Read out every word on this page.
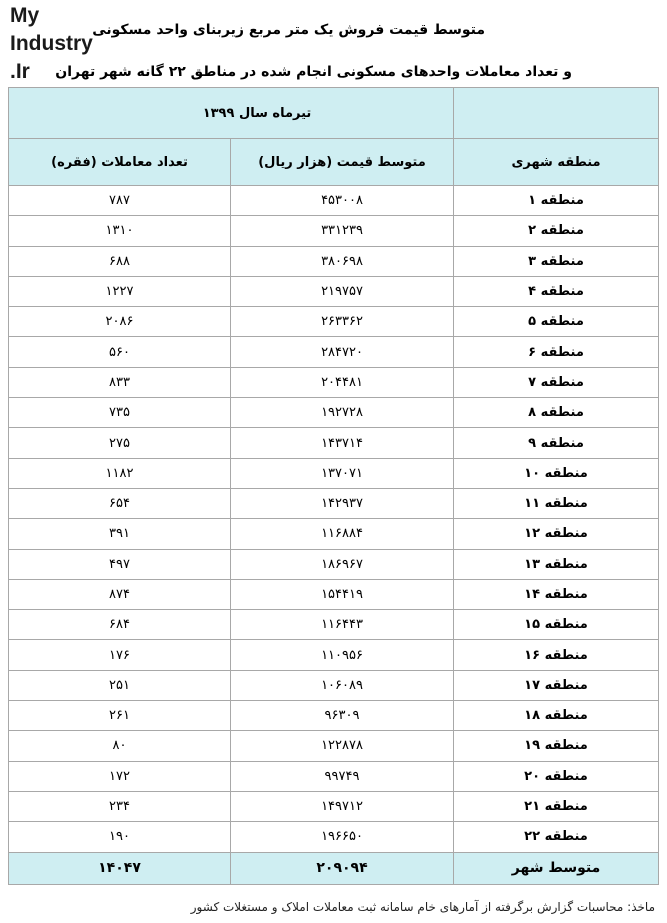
My
Industry
.Ir
متوسط قیمت فروش یک متر مربع زیربنای واحد مسکونی
و تعداد معاملات واحدهای مسکونی انجام شده در مناطق ۲۲ گانه شهر تهران

	تیرماه سال ۱۳۹۹	

منطقه شهری	متوسط قیمت (هزار ریال)	تعداد معاملات (فقره)
منطقه ۱	۴۵۳۰۰۸	۷۸۷
منطقه ۲	۳۳۱۲۳۹	۱۳۱۰
منطقه ۳	۳۸۰۶۹۸	۶۸۸
منطقه ۴	۲۱۹۷۵۷	۱۲۲۷
منطقه ۵	۲۶۳۳۶۲	۲۰۸۶
منطقه ۶	۲۸۴۷۲۰	۵۶۰
منطقه ۷	۲۰۴۴۸۱	۸۳۳
منطقه ۸	۱۹۲۷۲۸	۷۳۵
منطقه ۹	۱۴۳۷۱۴	۲۷۵
منطقه ۱۰	۱۳۷۰۷۱	۱۱۸۲
منطقه ۱۱	۱۴۲۹۳۷	۶۵۴
منطقه ۱۲	۱۱۶۸۸۴	۳۹۱
منطقه ۱۳	۱۸۶۹۶۷	۴۹۷
منطقه ۱۴	۱۵۴۴۱۹	۸۷۴
منطقه ۱۵	۱۱۶۴۴۳	۶۸۴
منطقه ۱۶	۱۱۰۹۵۶	۱۷۶
منطقه ۱۷	۱۰۶۰۸۹	۲۵۱
منطقه ۱۸	۹۶۳۰۹	۲۶۱
منطقه ۱۹	۱۲۲۸۷۸	۸۰
منطقه ۲۰	۹۹۷۴۹	۱۷۲
منطقه ۲۱	۱۴۹۷۱۲	۲۳۴
منطقه ۲۲	۱۹۶۶۵۰	۱۹۰
متوسط شهر	۲۰۹۰۹۴	۱۴۰۴۷
ماخذ: محاسبات گزارش برگرفته از آمارهای خام سامانه ثبت معاملات املاک و مستغلات کشور
